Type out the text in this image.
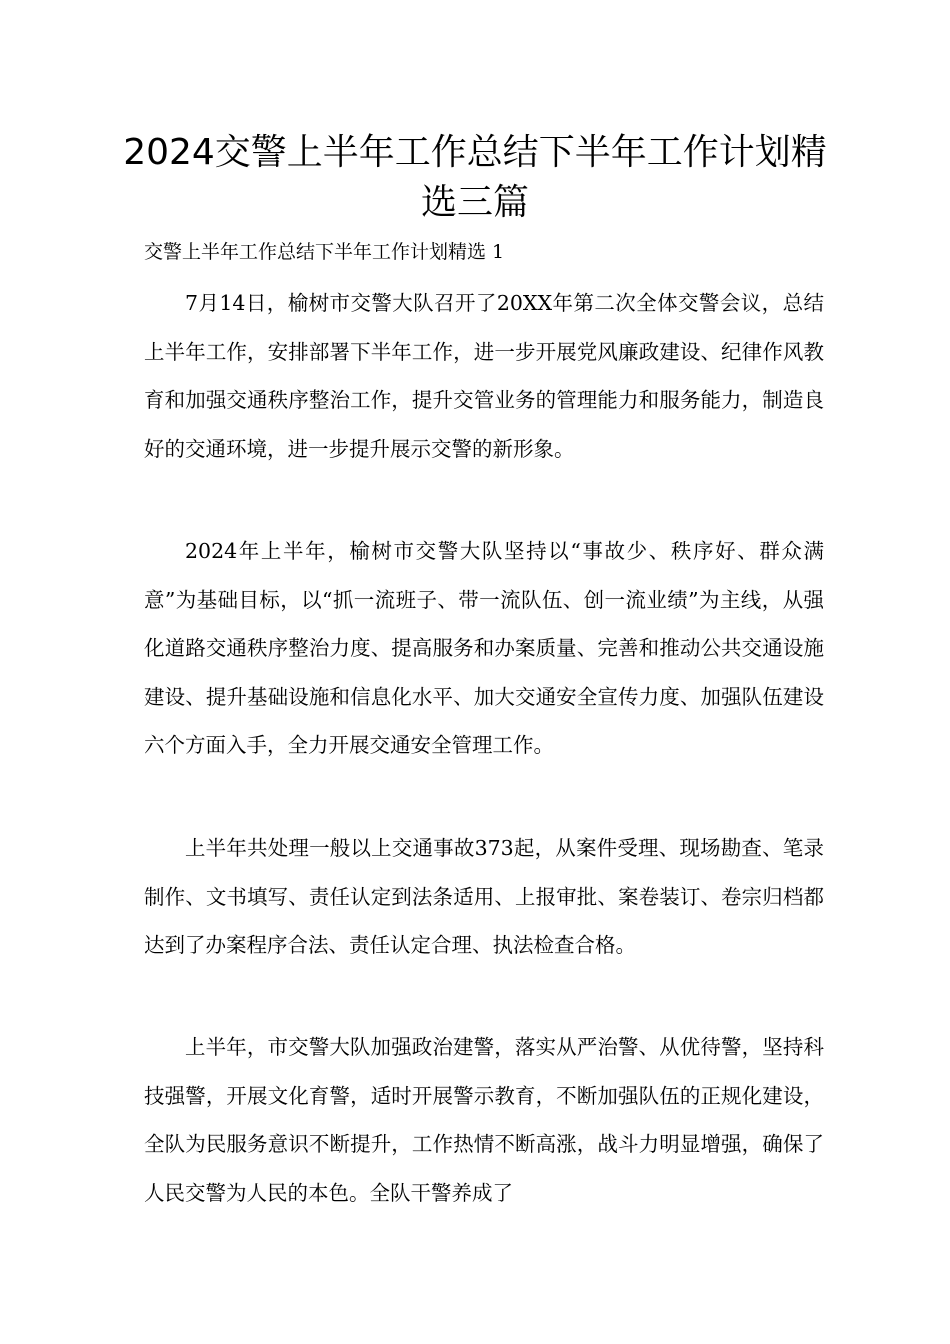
2024交警上半年工作总结下半年工作计划精选三篇

交警上半年工作总结下半年工作计划精选 1

7月14日，榆树市交警大队召开了20XX年第二次全体交警会议，总结上半年工作，安排部署下半年工作，进一步开展党风廉政建设、纪律作风教育和加强交通秩序整治工作，提升交管业务的管理能力和服务能力，制造良好的交通环境，进一步提升展示交警的新形象。

2024年上半年，榆树市交警大队坚持以“事故少、秩序好、群众满意”为基础目标，以“抓一流班子、带一流队伍、创一流业绩”为主线，从强化道路交通秩序整治力度、提高服务和办案质量、完善和推动公共交通设施建设、提升基础设施和信息化水平、加大交通安全宣传力度、加强队伍建设六个方面入手，全力开展交通安全管理工作。

上半年共处理一般以上交通事故373起，从案件受理、现场勘查、笔录制作、文书填写、责任认定到法条适用、上报审批、案卷装订、卷宗归档都达到了办案程序合法、责任认定合理、执法检查合格。

上半年，市交警大队加强政治建警，落实从严治警、从优待警，坚持科技强警，开展文化育警，适时开展警示教育，不断加强队伍的正规化建设，全队为民服务意识不断提升，工作热情不断高涨，战斗力明显增强，确保了人民交警为人民的本色。全队干警养成了
